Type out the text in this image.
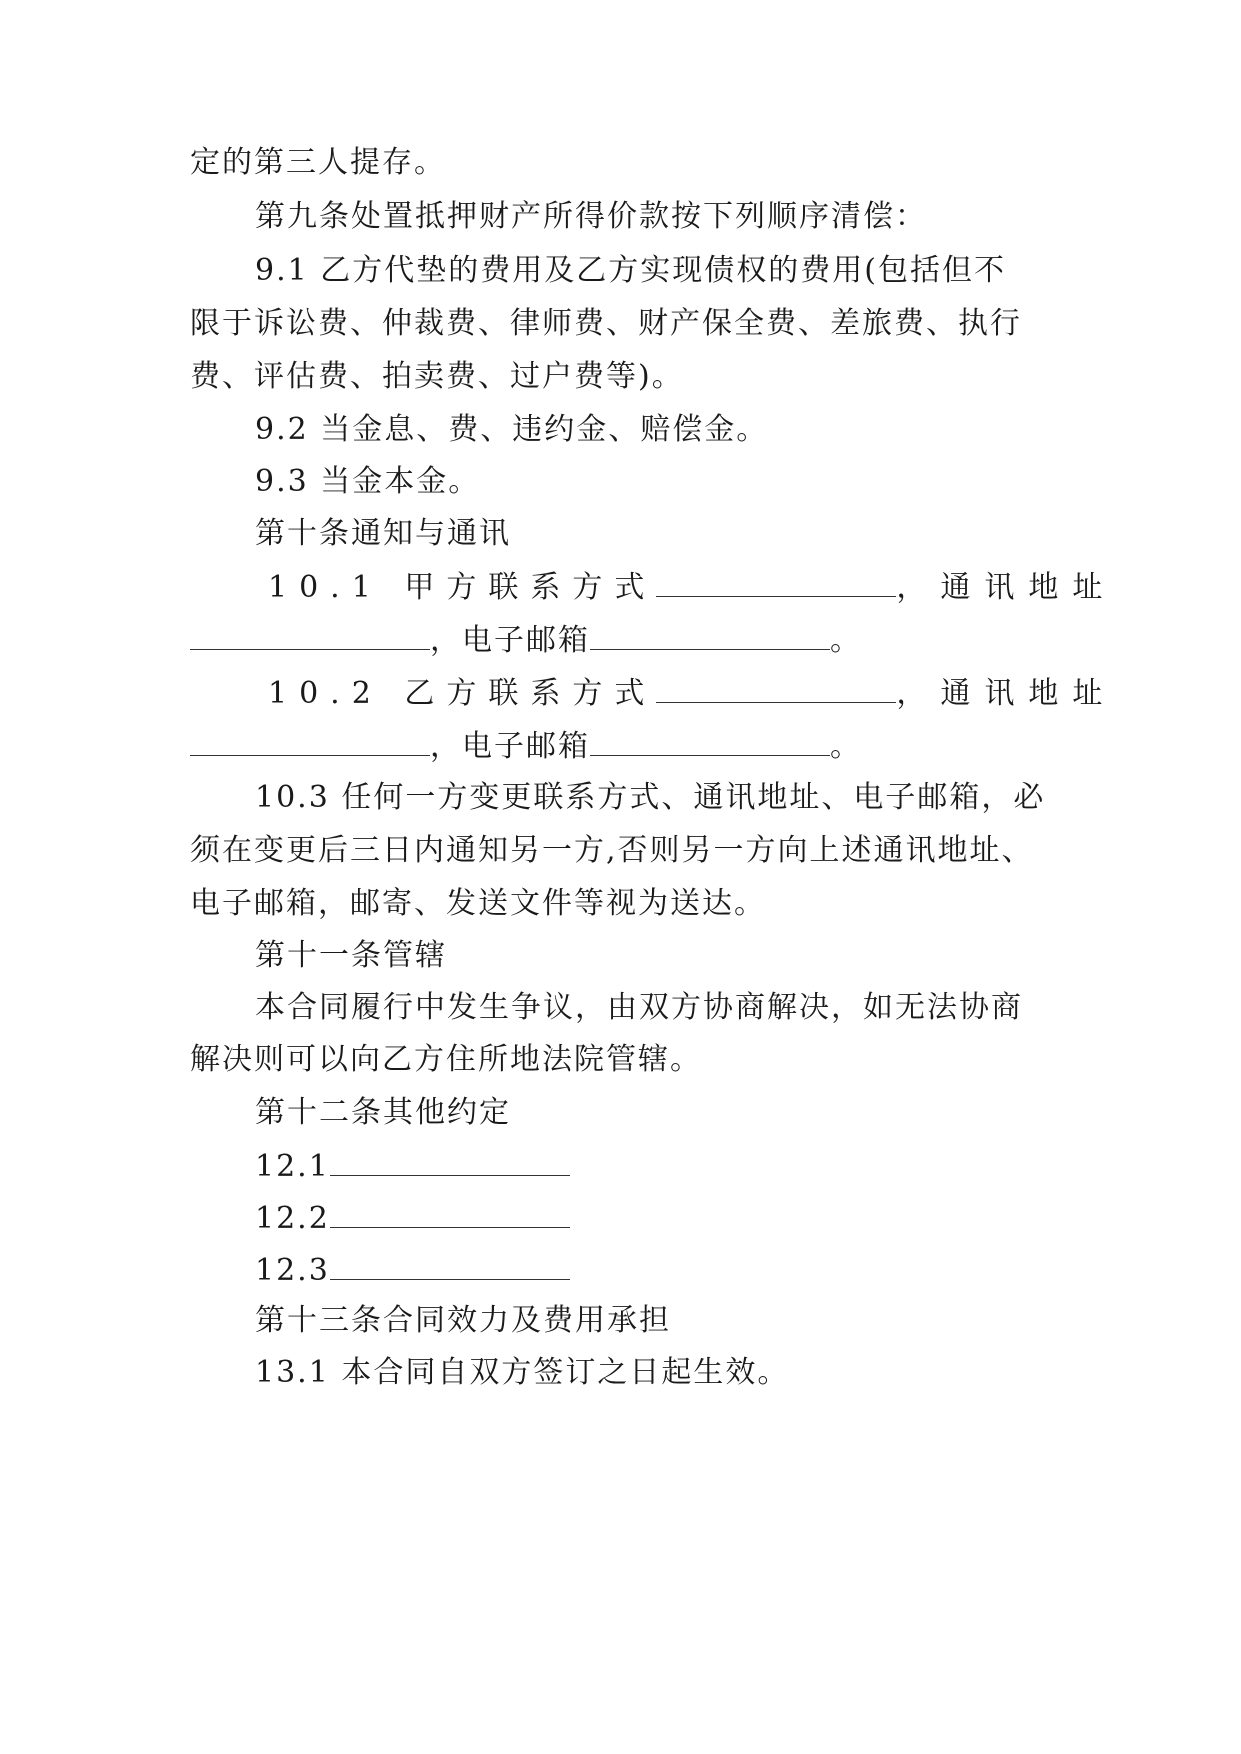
定的第三人提存。
第九条处置抵押财产所得价款按下列顺序清偿：
9.1 乙方代垫的费用及乙方实现债权的费用(包括但不
限于诉讼费、仲裁费、律师费、财产保全费、差旅费、执行
费、评估费、拍卖费、过户费等)。
9.2 当金息、费、违约金、赔偿金。
9.3 当金本金。
第十条通知与通讯
10.1 甲方联系方式	，通讯地址
，电子邮箱	。
10.2 乙方联系方式	，通讯地址
，电子邮箱	。
10.3 任何一方变更联系方式、通讯地址、电子邮箱，必
须在变更后三日内通知另一方,否则另一方向上述通讯地址、
电子邮箱，邮寄、发送文件等视为送达。
第十一条管辖
本合同履行中发生争议，由双方协商解决，如无法协商
解决则可以向乙方住所地法院管辖。
第十二条其他约定
12.1
12.2
12.3
第十三条合同效力及费用承担
13.1 本合同自双方签订之日起生效。
